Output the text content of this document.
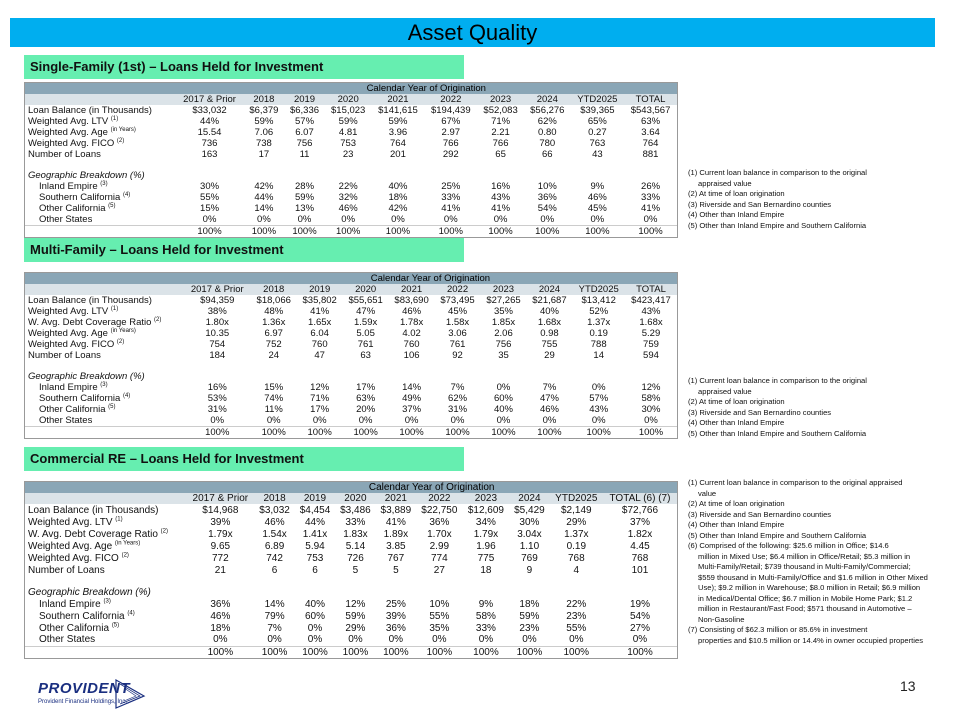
Asset Quality
Single-Family (1st) – Loans Held for Investment
	Calendar Year of Origination									
	2017 & Prior	2018	2019	2020	2021	2022	2023	2024	YTD2025	TOTAL
Loan Balance (in Thousands)	$33,032	$6,379	$6,336	$15,023	$141,615	$194,439	$52,083	$56,276	$39,365	$543,567
Weighted Avg. LTV $^{(1)}$	44%	59%	57%	59%	59%	67%	71%	62%	65%	63%
Weighted Avg. Age $^{(in Years)}$	15.54	7.06	6.07	4.81	3.96	2.97	2.21	0.80	0.27	3.64
Weighted Avg. FICO $^{(2)}$	736	738	756	753	764	766	766	780	763	764
Number of Loans	163	17	11	23	201	292	65	66	43	881

Geographic Breakdown (%)										
Inland Empire $^{(3)}$	30%	42%	28%	22%	40%	25%	16%	10%	9%	26%
Southern California $^{(4)}$	55%	44%	59%	32%	18%	33%	43%	36%	46%	33%
Other California $^{(5)}$	15%	14%	13%	46%	42%	41%	41%	54%	45%	41%
Other States	0%	0%	0%	0%	0%	0%	0%	0%	0%	0%
	100%	100%	100%	100%	100%	100%	100%	100%	100%	100%
(1) Current loan balance in comparison to the original
appraised value
(2) At time of loan origination
(3) Riverside and San Bernardino counties
(4) Other than Inland Empire
(5) Other than Inland Empire and Southern California
Multi-Family – Loans Held for Investment
	Calendar Year of Origination									
	2017 & Prior	2018	2019	2020	2021	2022	2023	2024	YTD2025	TOTAL
Loan Balance (in Thousands)	$94,359	$18,066	$35,802	$55,651	$83,690	$73,495	$27,265	$21,687	$13,412	$423,417
Weighted Avg. LTV $^{(1)}$	38%	48%	41%	47%	46%	45%	35%	40%	52%	43%
W. Avg. Debt Coverage Ratio $^{(2)}$	1.80x	1.36x	1.65x	1.59x	1.78x	1.58x	1.85x	1.68x	1.37x	1.68x
Weighted Avg. Age $^{(in Years)}$	10.35	6.97	6.04	5.05	4.02	3.06	2.06	0.98	0.19	5.29
Weighted Avg. FICO $^{(2)}$	754	752	760	761	760	761	756	755	788	759
Number of Loans	184	24	47	63	106	92	35	29	14	594

Geographic Breakdown (%)										
Inland Empire $^{(3)}$	16%	15%	12%	17%	14%	7%	0%	7%	0%	12%
Southern California $^{(4)}$	53%	74%	71%	63%	49%	62%	60%	47%	57%	58%
Other California $^{(5)}$	31%	11%	17%	20%	37%	31%	40%	46%	43%	30%
Other States	0%	0%	0%	0%	0%	0%	0%	0%	0%	0%
	100%	100%	100%	100%	100%	100%	100%	100%	100%	100%
(1) Current loan balance in comparison to the original
appraised value
(2) At time of loan origination
(3) Riverside and San Bernardino counties
(4) Other than Inland Empire
(5) Other than Inland Empire and Southern California
Commercial RE – Loans Held for Investment
	Calendar Year of Origination									
	2017 & Prior	2018	2019	2020	2021	2022	2023	2024	YTD2025	TOTAL (6) (7)
Loan Balance (in Thousands)	$14,968	$3,032	$4,454	$3,486	$3,889	$22,750	$12,609	$5,429	$2,149	$72,766
Weighted Avg. LTV $^{(1)}$	39%	46%	44%	33%	41%	36%	34%	30%	29%	37%
W. Avg. Debt Coverage Ratio $^{(2)}$	1.79x	1.54x	1.41x	1.83x	1.89x	1.70x	1.79x	3.04x	1.37x	1.82x
Weighted Avg. Age $^{(in Years)}$	9.65	6.89	5.94	5.14	3.85	2.99	1.96	1.10	0.19	4.45
Weighted Avg. FICO $^{(2)}$	772	742	753	726	767	774	775	769	768	768
Number of Loans	21	6	6	5	5	27	18	9	4	101

Geographic Breakdown (%)										
Inland Empire $^{(3)}$	36%	14%	40%	12%	25%	10%	9%	18%	22%	19%
Southern California $^{(4)}$	46%	79%	60%	59%	39%	55%	58%	59%	23%	54%
Other California $^{(5)}$	18%	7%	0%	29%	36%	35%	33%	23%	55%	27%
Other States	0%	0%	0%	0%	0%	0%	0%	0%	0%	0%
	100%	100%	100%	100%	100%	100%	100%	100%	100%	100%
(1) Current loan balance in comparison to the original appraised
value
(2) At time of loan origination
(3) Riverside and San Bernardino counties
(4) Other than Inland Empire
(5) Other than Inland Empire and Southern California
(6) Comprised of the following: $25.6 million in Office; $14.6
million in Mixed Use; $6.4 million in Office/Retail; $5.3 million in Multi-Family/Retail; $739 thousand in Multi-Family/Commercial; $559 thousand in Multi-Family/Office and $1.6 million in Other Mixed Use); $9.2 million in Warehouse; $8.0 million in Retail; $6.9 million in Medical/Dental Office; $6.7 million in Mobile Home Park; $1.2 million in Restaurant/Fast Food; $571 thousand in Automotive – Non-Gasoline
(7) Consisting of $62.3 million or 85.6% in investment
properties and $10.5 million or 14.4% in owner occupied properties
PROVIDENT
Provident Financial Holdings, Inc.
13
